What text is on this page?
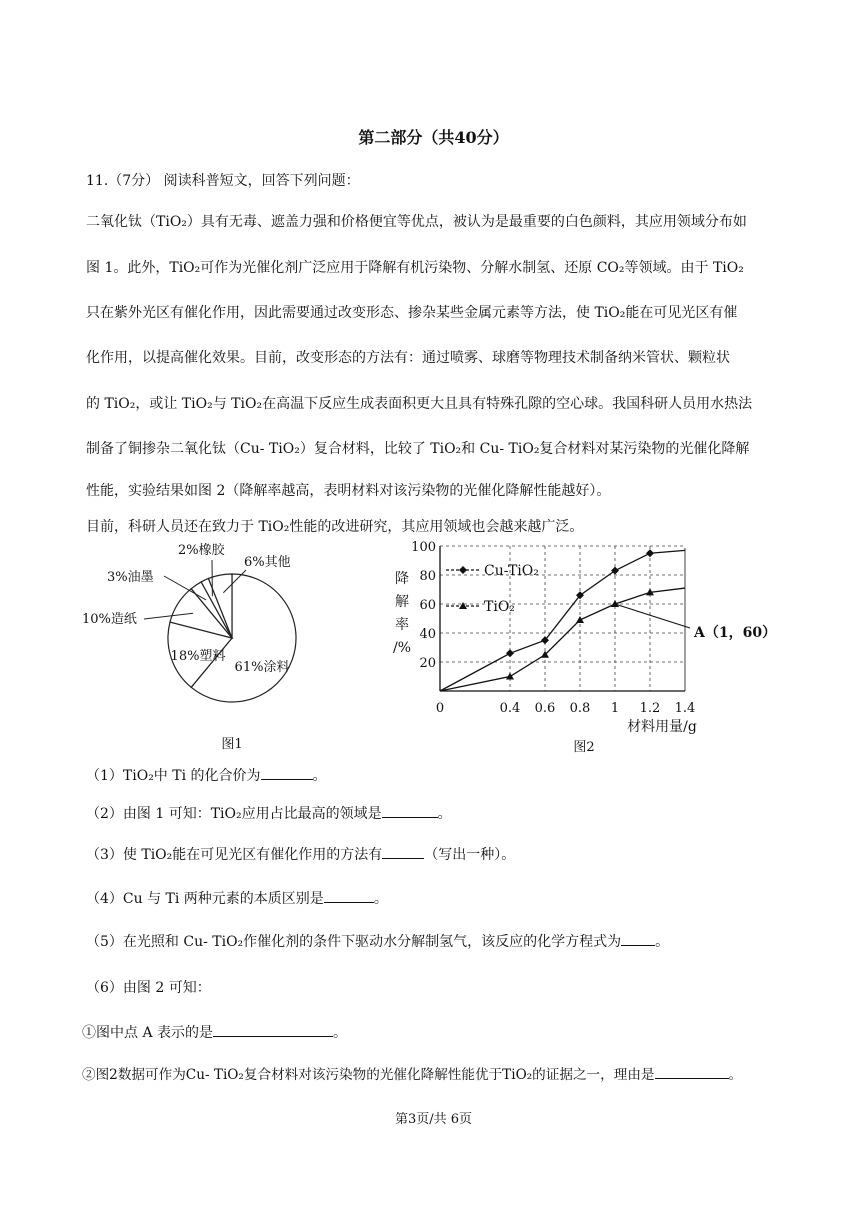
第二部分（共40分）
11.（7分） 阅读科普短文，回答下列问题：
二氧化钛（TiO₂）具有无毒、遮盖力强和价格便宜等优点，被认为是最重要的白色颜料，其应用领域分布如
图 1。此外，TiO₂可作为光催化剂广泛应用于降解有机污染物、分解水制氢、还原 CO₂等领域。由于 TiO₂
只在紫外光区有催化作用，因此需要通过改变形态、掺杂某些金属元素等方法，使 TiO₂能在可见光区有催
化作用，以提高催化效果。目前，改变形态的方法有：通过喷雾、球磨等物理技术制备纳米管状、颗粒状
的 TiO₂，或让 TiO₂与 TiO₂在高温下反应生成表面积更大且具有特殊孔隙的空心球。我国科研人员用水热法
制备了铜掺杂二氧化钛（Cu- TiO₂）复合材料，比较了 TiO₂和 Cu- TiO₂复合材料对某污染物的光催化降解
性能，实验结果如图 2（降解率越高，表明材料对该污染物的光催化降解性能越好）。
目前，科研人员还在致力于 TiO₂性能的改进研究，其应用领域也会越来越广泛。
61%涂料
18%塑料
10%造纸
3%油墨
2%橡胶
6%其他
图1
20
40
60
80
100
0	0.4 0.6 0.8 1 1.2 1.4
降
解
率
/%
材料用量/g
Cu-TiO₂
TiO₂
A（1，60）
图2
（1）TiO₂中 Ti 的化合价为	。
（2）由图 1 可知：TiO₂应用占比最高的领域是	。
（3）使 TiO₂能在可见光区有催化作用的方法有	（写出一种）。
（4）Cu 与 Ti 两种元素的本质区别是	。
（5）在光照和 Cu- TiO₂作催化剂的条件下驱动水分解制氢气，该反应的化学方程式为 。
（6）由图 2 可知：
①图中点 A 表示的是	。
②图2数据可作为Cu- TiO₂复合材料对该污染物的光催化降解性能优于TiO₂的证据之一，理由是	。
第3页/共 6页
